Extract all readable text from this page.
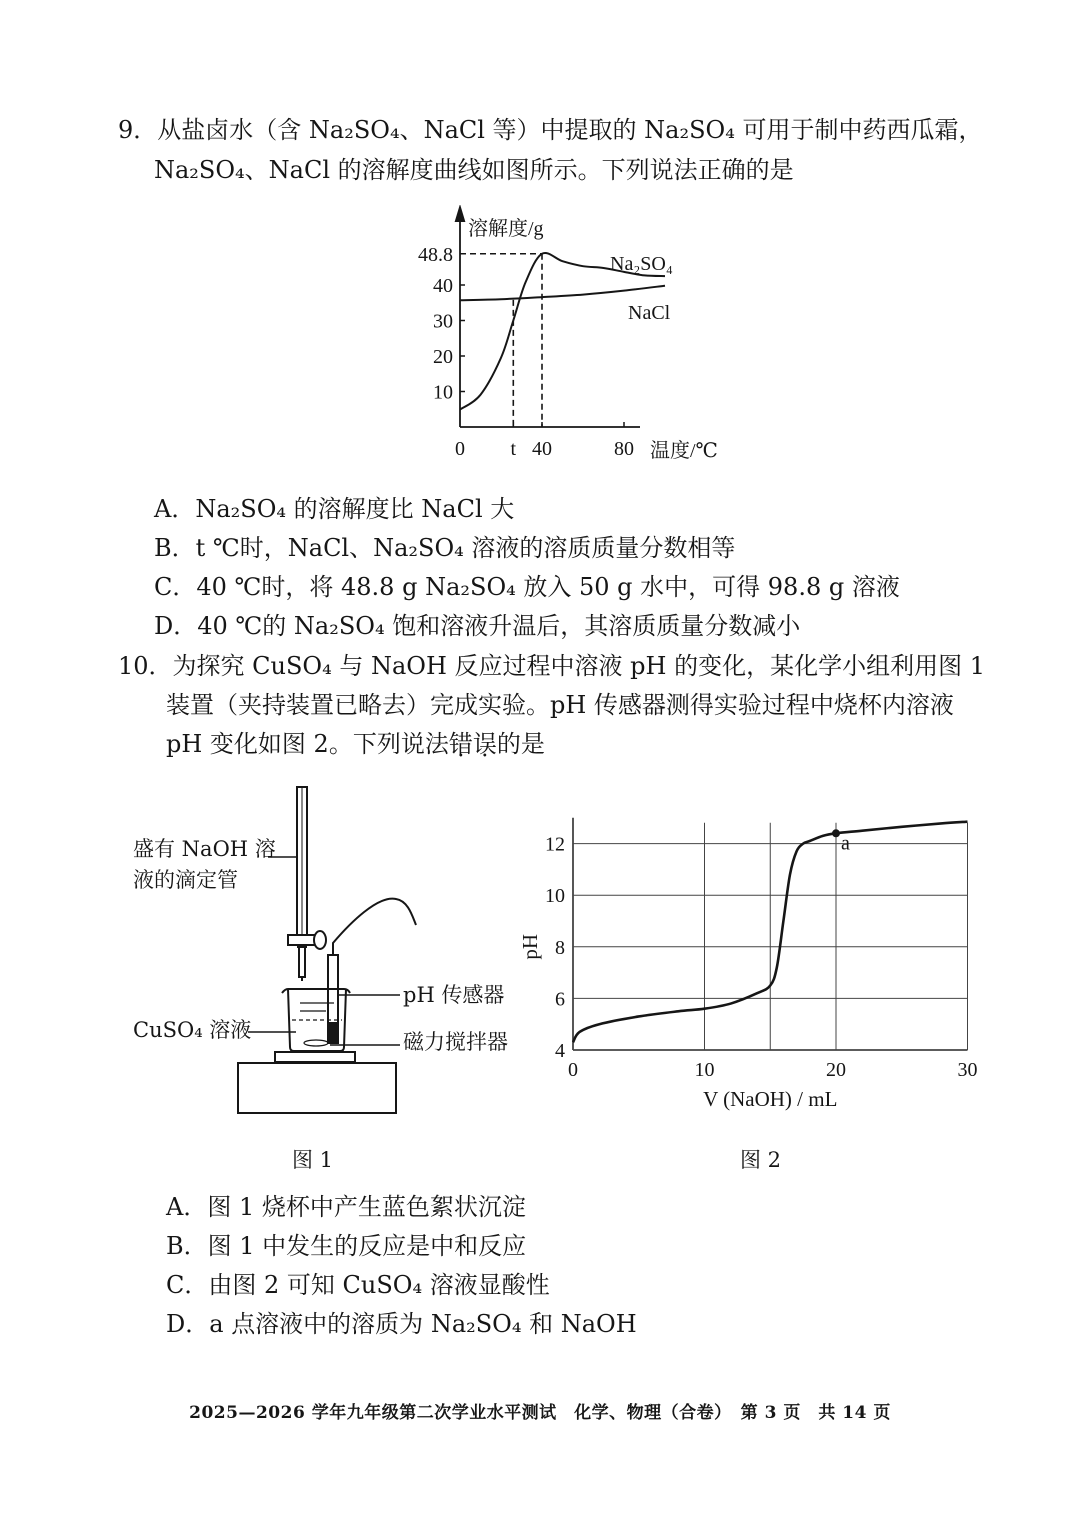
9．从盐卤水（含 Na₂SO₄、NaCl 等）中提取的 Na₂SO₄ 可用于制中药西瓜霜，
Na₂SO₄、NaCl 的溶解度曲线如图所示。下列说法正确的是
10
20
30
40
48.8
0 t 40	80
溶解度/g
温度/℃
Na₂SO₄
NaCl
A．Na₂SO₄ 的溶解度比 NaCl 大
B．t ℃时，NaCl、Na₂SO₄ 溶液的溶质质量分数相等
C．40 ℃时，将 48.8 g Na₂SO₄ 放入 50 g 水中，可得 98.8 g 溶液
D．40 ℃的 Na₂SO₄ 饱和溶液升温后，其溶质质量分数减小
10．为探究 CuSO₄ 与 NaOH 反应过程中溶液 pH 的变化，某化学小组利用图 1
装置（夹持装置已略去）完成实验。pH 传感器测得实验过程中烧杯内溶液
pH 变化如图 2。下列说法错误的是
盛有 NaOH 溶
液的滴定管
pH 传感器
CuSO₄ 溶液	磁力搅拌器
图 1
4
6
8
10
12
0	10	20	30
V (NaOH) / mL
pH
a
图 2
A．图 1 烧杯中产生蓝色絮状沉淀
B．图 1 中发生的反应是中和反应
C．由图 2 可知 CuSO₄ 溶液显酸性
D．a 点溶液中的溶质为 Na₂SO₄ 和 NaOH
2025—2026 学年九年级第二次学业水平测试　化学、物理（合卷）　第 3 页　共 14 页
